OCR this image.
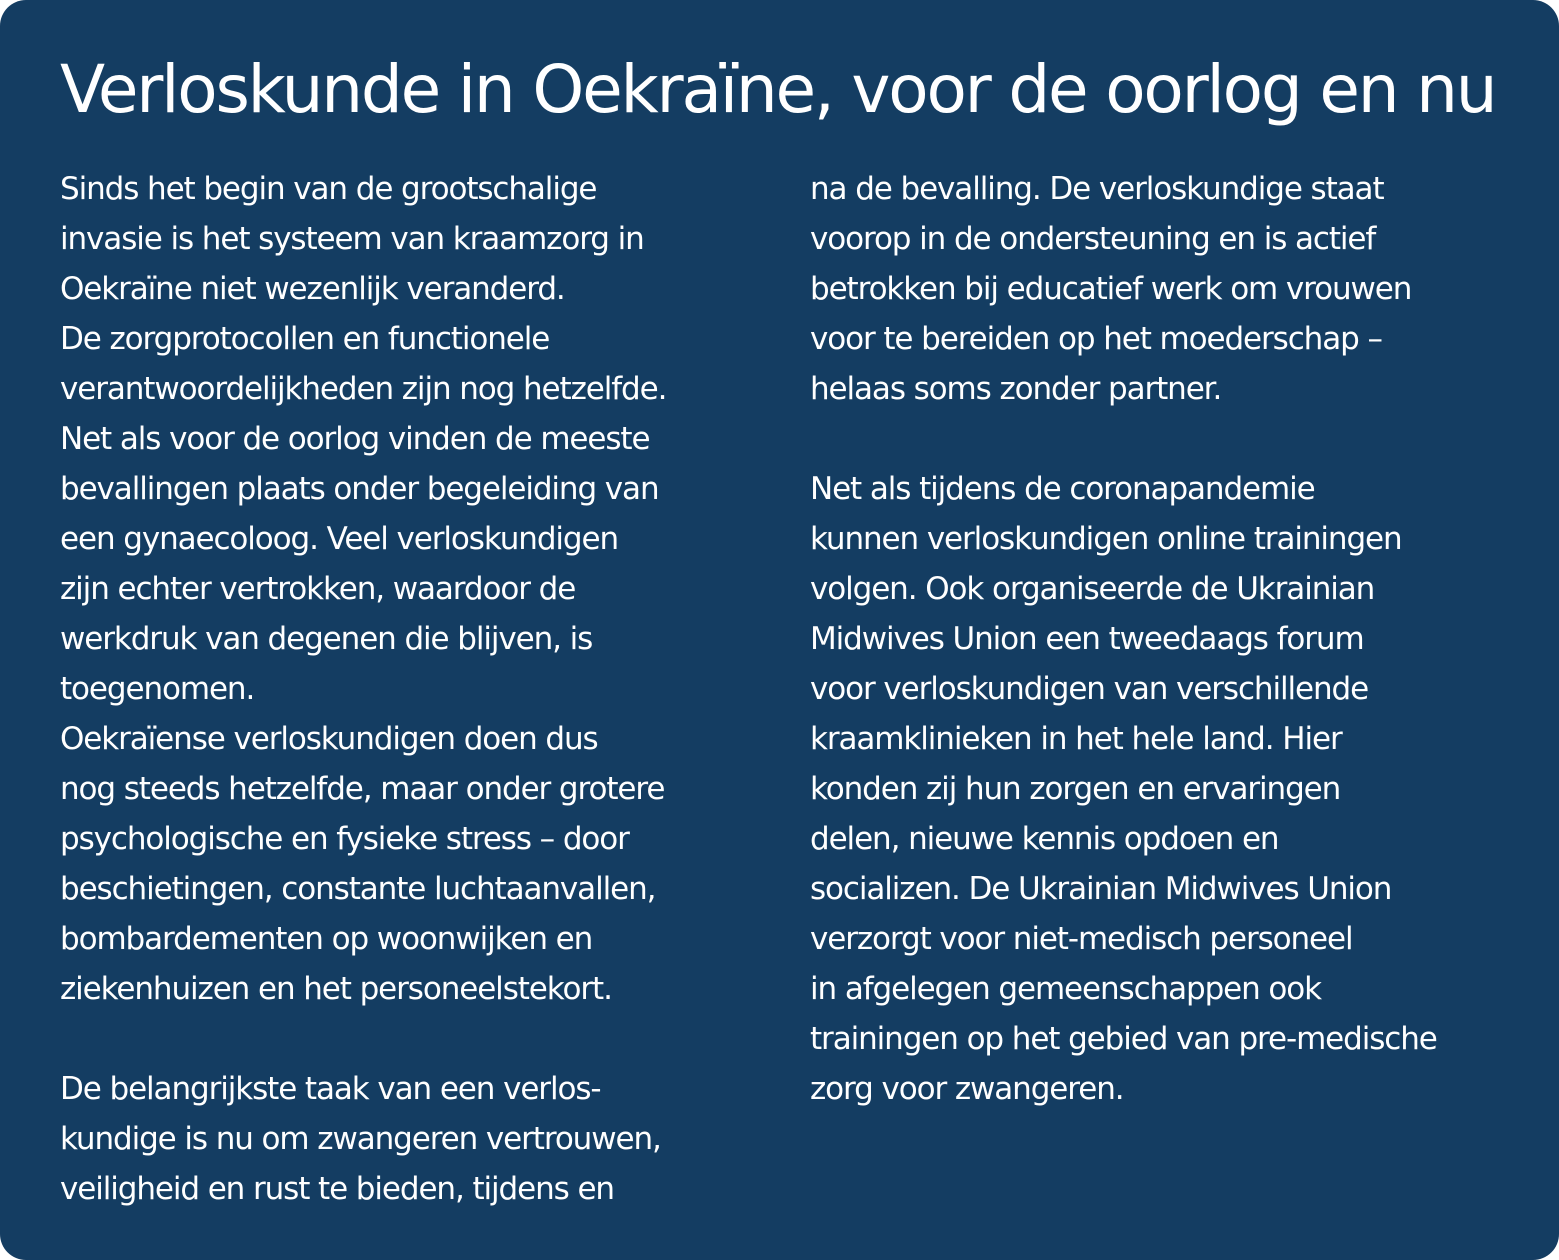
Verloskunde in Oekraïne, voor de oorlog en nu
Sinds het begin van de grootschalige
invasie is het systeem van kraamzorg in
Oekraïne niet wezenlijk veranderd.
De zorgprotocollen en functionele
verantwoordelijkheden zijn nog hetzelfde.
Net als voor de oorlog vinden de meeste
bevallingen plaats onder begeleiding van
een gynaecoloog. Veel verloskundigen
zijn echter vertrokken, waardoor de
werkdruk van degenen die blijven, is
toegenomen.
Oekraïense verloskundigen doen dus
nog steeds hetzelfde, maar onder grotere
psychologische en fysieke stress – door
beschietingen, constante luchtaanvallen,
bombardementen op woonwijken en
ziekenhuizen en het personeelstekort.
De belangrijkste taak van een verlos-
kundige is nu om zwangeren vertrouwen,
veiligheid en rust te bieden, tijdens en
na de bevalling. De verloskundige staat
voorop in de ondersteuning en is actief
betrokken bij educatief werk om vrouwen
voor te bereiden op het moederschap –
helaas soms zonder partner.
Net als tijdens de coronapandemie
kunnen verloskundigen online trainingen
volgen. Ook organiseerde de Ukrainian
Midwives Union een tweedaags forum
voor verloskundigen van verschillende
kraamklinieken in het hele land. Hier
konden zij hun zorgen en ervaringen
delen, nieuwe kennis opdoen en
socializen. De Ukrainian Midwives Union
verzorgt voor niet-medisch personeel
in afgelegen gemeenschappen ook
trainingen op het gebied van pre-medische
zorg voor zwangeren.
